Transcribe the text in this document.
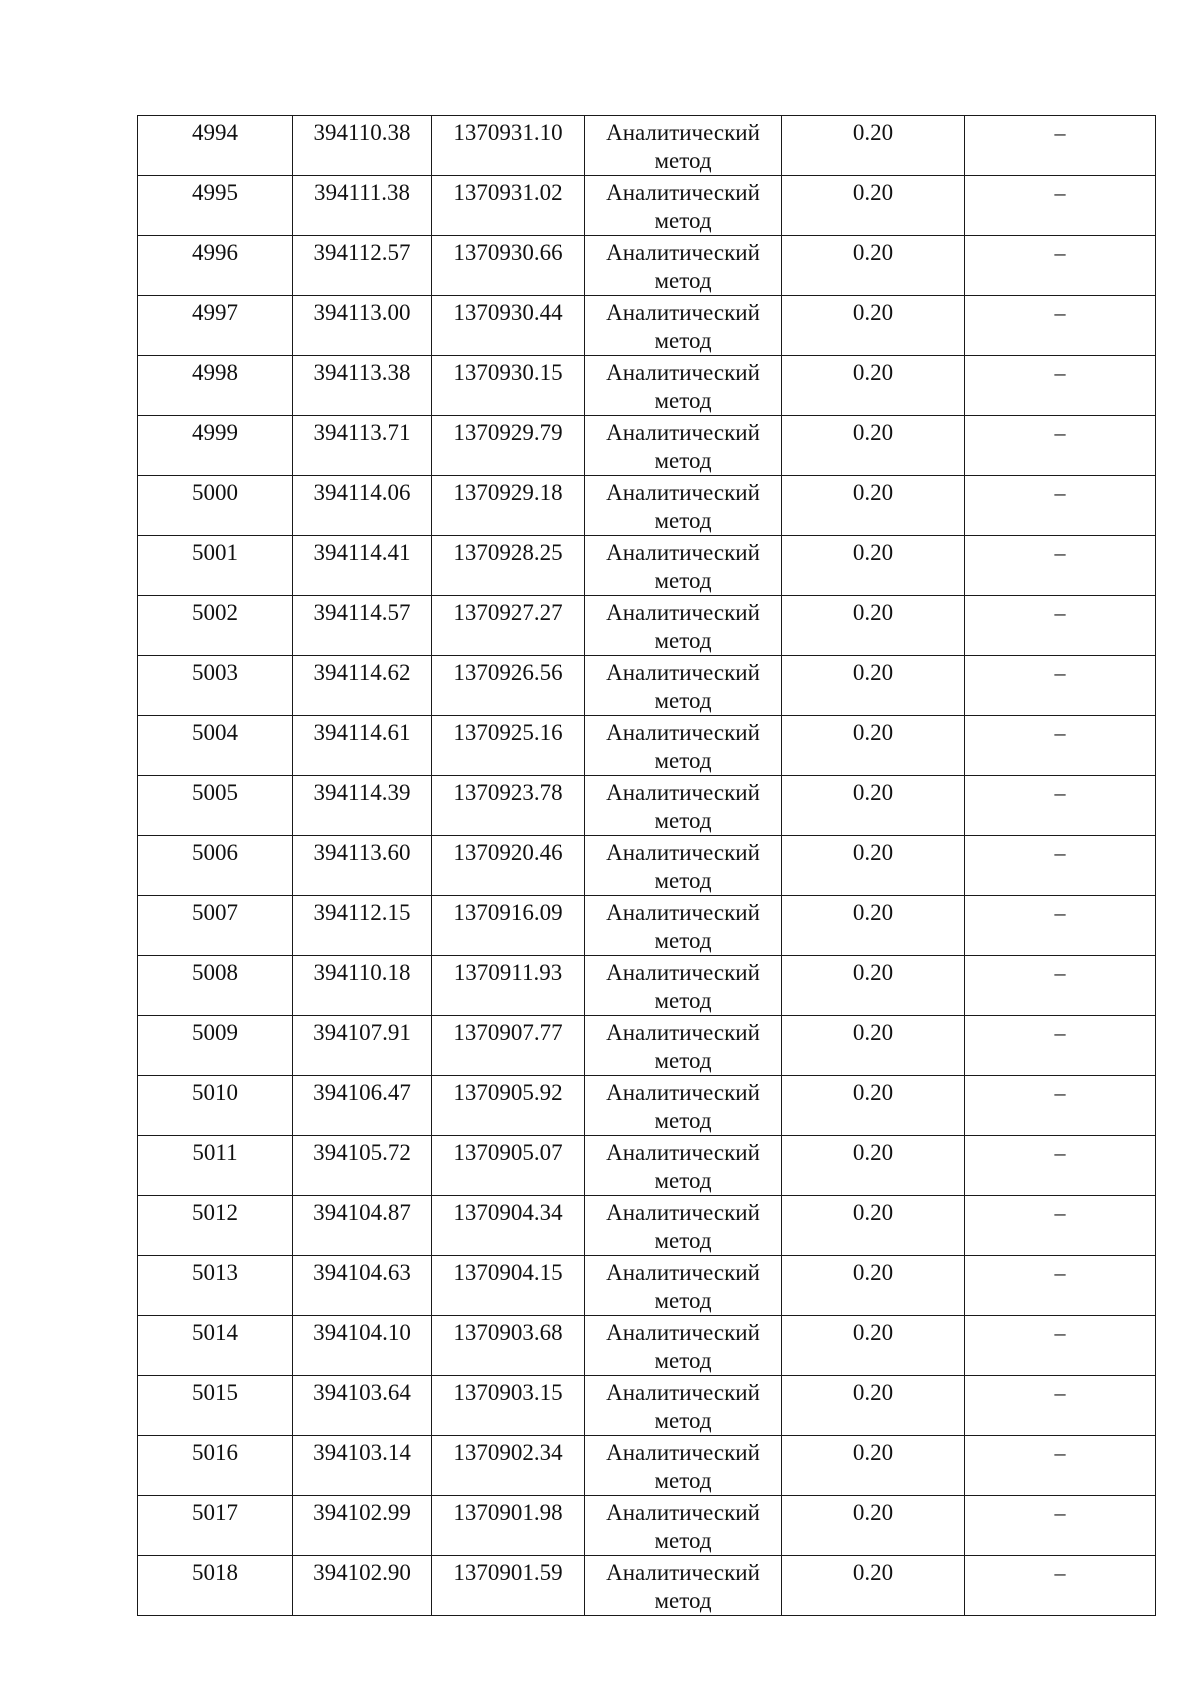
4994	394110.38	1370931.10	Аналитический метод	0.20	–

4995	394111.38	1370931.02	Аналитический метод	0.20	–

4996	394112.57	1370930.66	Аналитический метод	0.20	–

4997	394113.00	1370930.44	Аналитический метод	0.20	–

4998	394113.38	1370930.15	Аналитический метод	0.20	–

4999	394113.71	1370929.79	Аналитический метод	0.20	–

5000	394114.06	1370929.18	Аналитический метод	0.20	–

5001	394114.41	1370928.25	Аналитический метод	0.20	–

5002	394114.57	1370927.27	Аналитический метод	0.20	–

5003	394114.62	1370926.56	Аналитический метод	0.20	–

5004	394114.61	1370925.16	Аналитический метод	0.20	–

5005	394114.39	1370923.78	Аналитический метод	0.20	–

5006	394113.60	1370920.46	Аналитический метод	0.20	–

5007	394112.15	1370916.09	Аналитический метод	0.20	–

5008	394110.18	1370911.93	Аналитический метод	0.20	–

5009	394107.91	1370907.77	Аналитический метод	0.20	–

5010	394106.47	1370905.92	Аналитический метод	0.20	–

5011	394105.72	1370905.07	Аналитический метод	0.20	–

5012	394104.87	1370904.34	Аналитический метод	0.20	–

5013	394104.63	1370904.15	Аналитический метод	0.20	–

5014	394104.10	1370903.68	Аналитический метод	0.20	–

5015	394103.64	1370903.15	Аналитический метод	0.20	–

5016	394103.14	1370902.34	Аналитический метод	0.20	–

5017	394102.99	1370901.98	Аналитический метод	0.20	–

5018	394102.90	1370901.59	Аналитический метод	0.20	–
